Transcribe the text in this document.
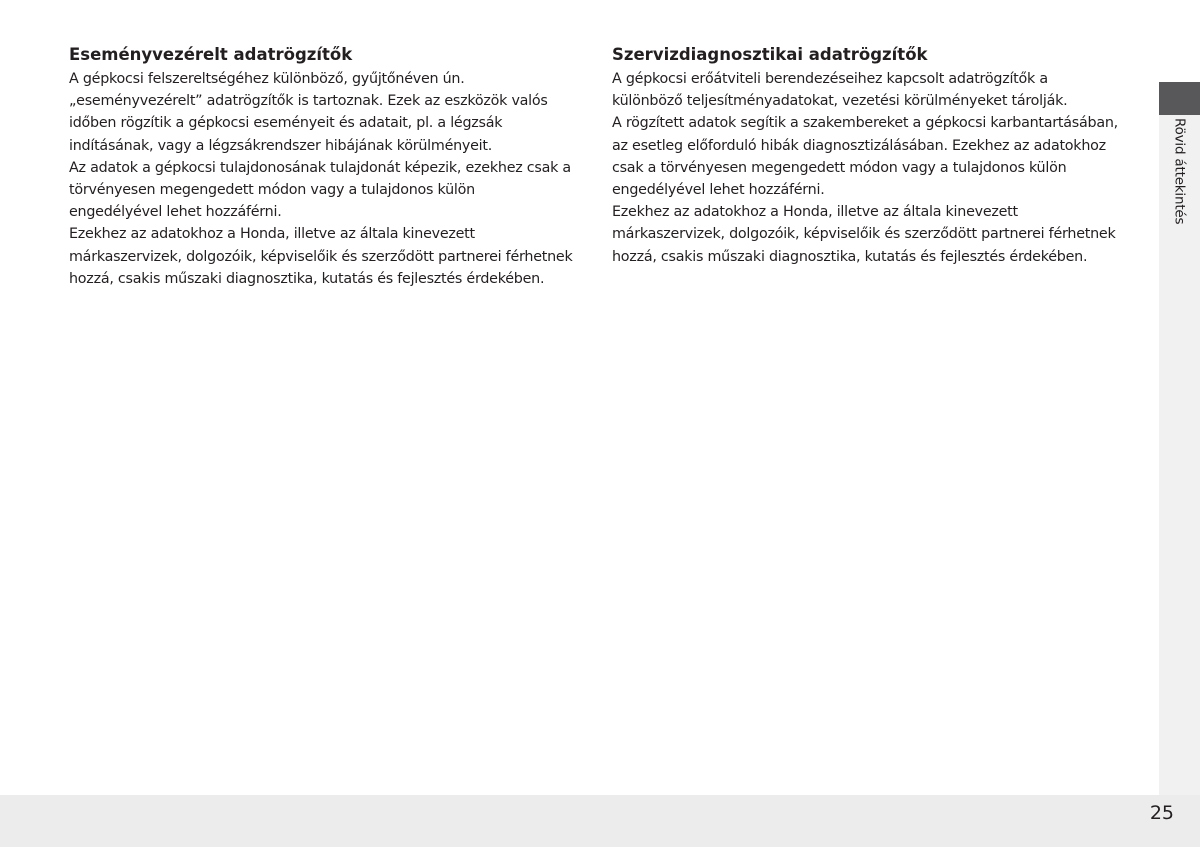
Eseményvezérelt adatrögzítők

A gépkocsi felszereltségéhez különböző, gyűjtőnéven ún.

„eseményvezérelt” adatrögzítők is tartoznak. Ezek az eszközök valós

időben rögzítik a gépkocsi eseményeit és adatait, pl. a légzsák

indításának, vagy a légzsákrendszer hibájának körülményeit.

Az adatok a gépkocsi tulajdonosának tulajdonát képezik, ezekhez csak a

törvényesen megengedett módon vagy a tulajdonos külön

engedélyével lehet hozzáférni.

Ezekhez az adatokhoz a Honda, illetve az általa kinevezett

márkaszervizek, dolgozóik, képviselőik és szerződött partnerei férhetnek

hozzá, csakis műszaki diagnosztika, kutatás és fejlesztés érdekében.

Szervizdiagnosztikai adatrögzítők

A gépkocsi erőátviteli berendezéseihez kapcsolt adatrögzítők a

különböző teljesítményadatokat, vezetési körülményeket tárolják.

A rögzített adatok segítik a szakembereket a gépkocsi karbantartásában,

az esetleg előforduló hibák diagnosztizálásában. Ezekhez az adatokhoz

csak a törvényesen megengedett módon vagy a tulajdonos külön

engedélyével lehet hozzáférni.

Ezekhez az adatokhoz a Honda, illetve az általa kinevezett

márkaszervizek, dolgozóik, képviselőik és szerződött partnerei férhetnek

hozzá, csakis műszaki diagnosztika, kutatás és fejlesztés érdekében.

Rövid áttekintés
25
